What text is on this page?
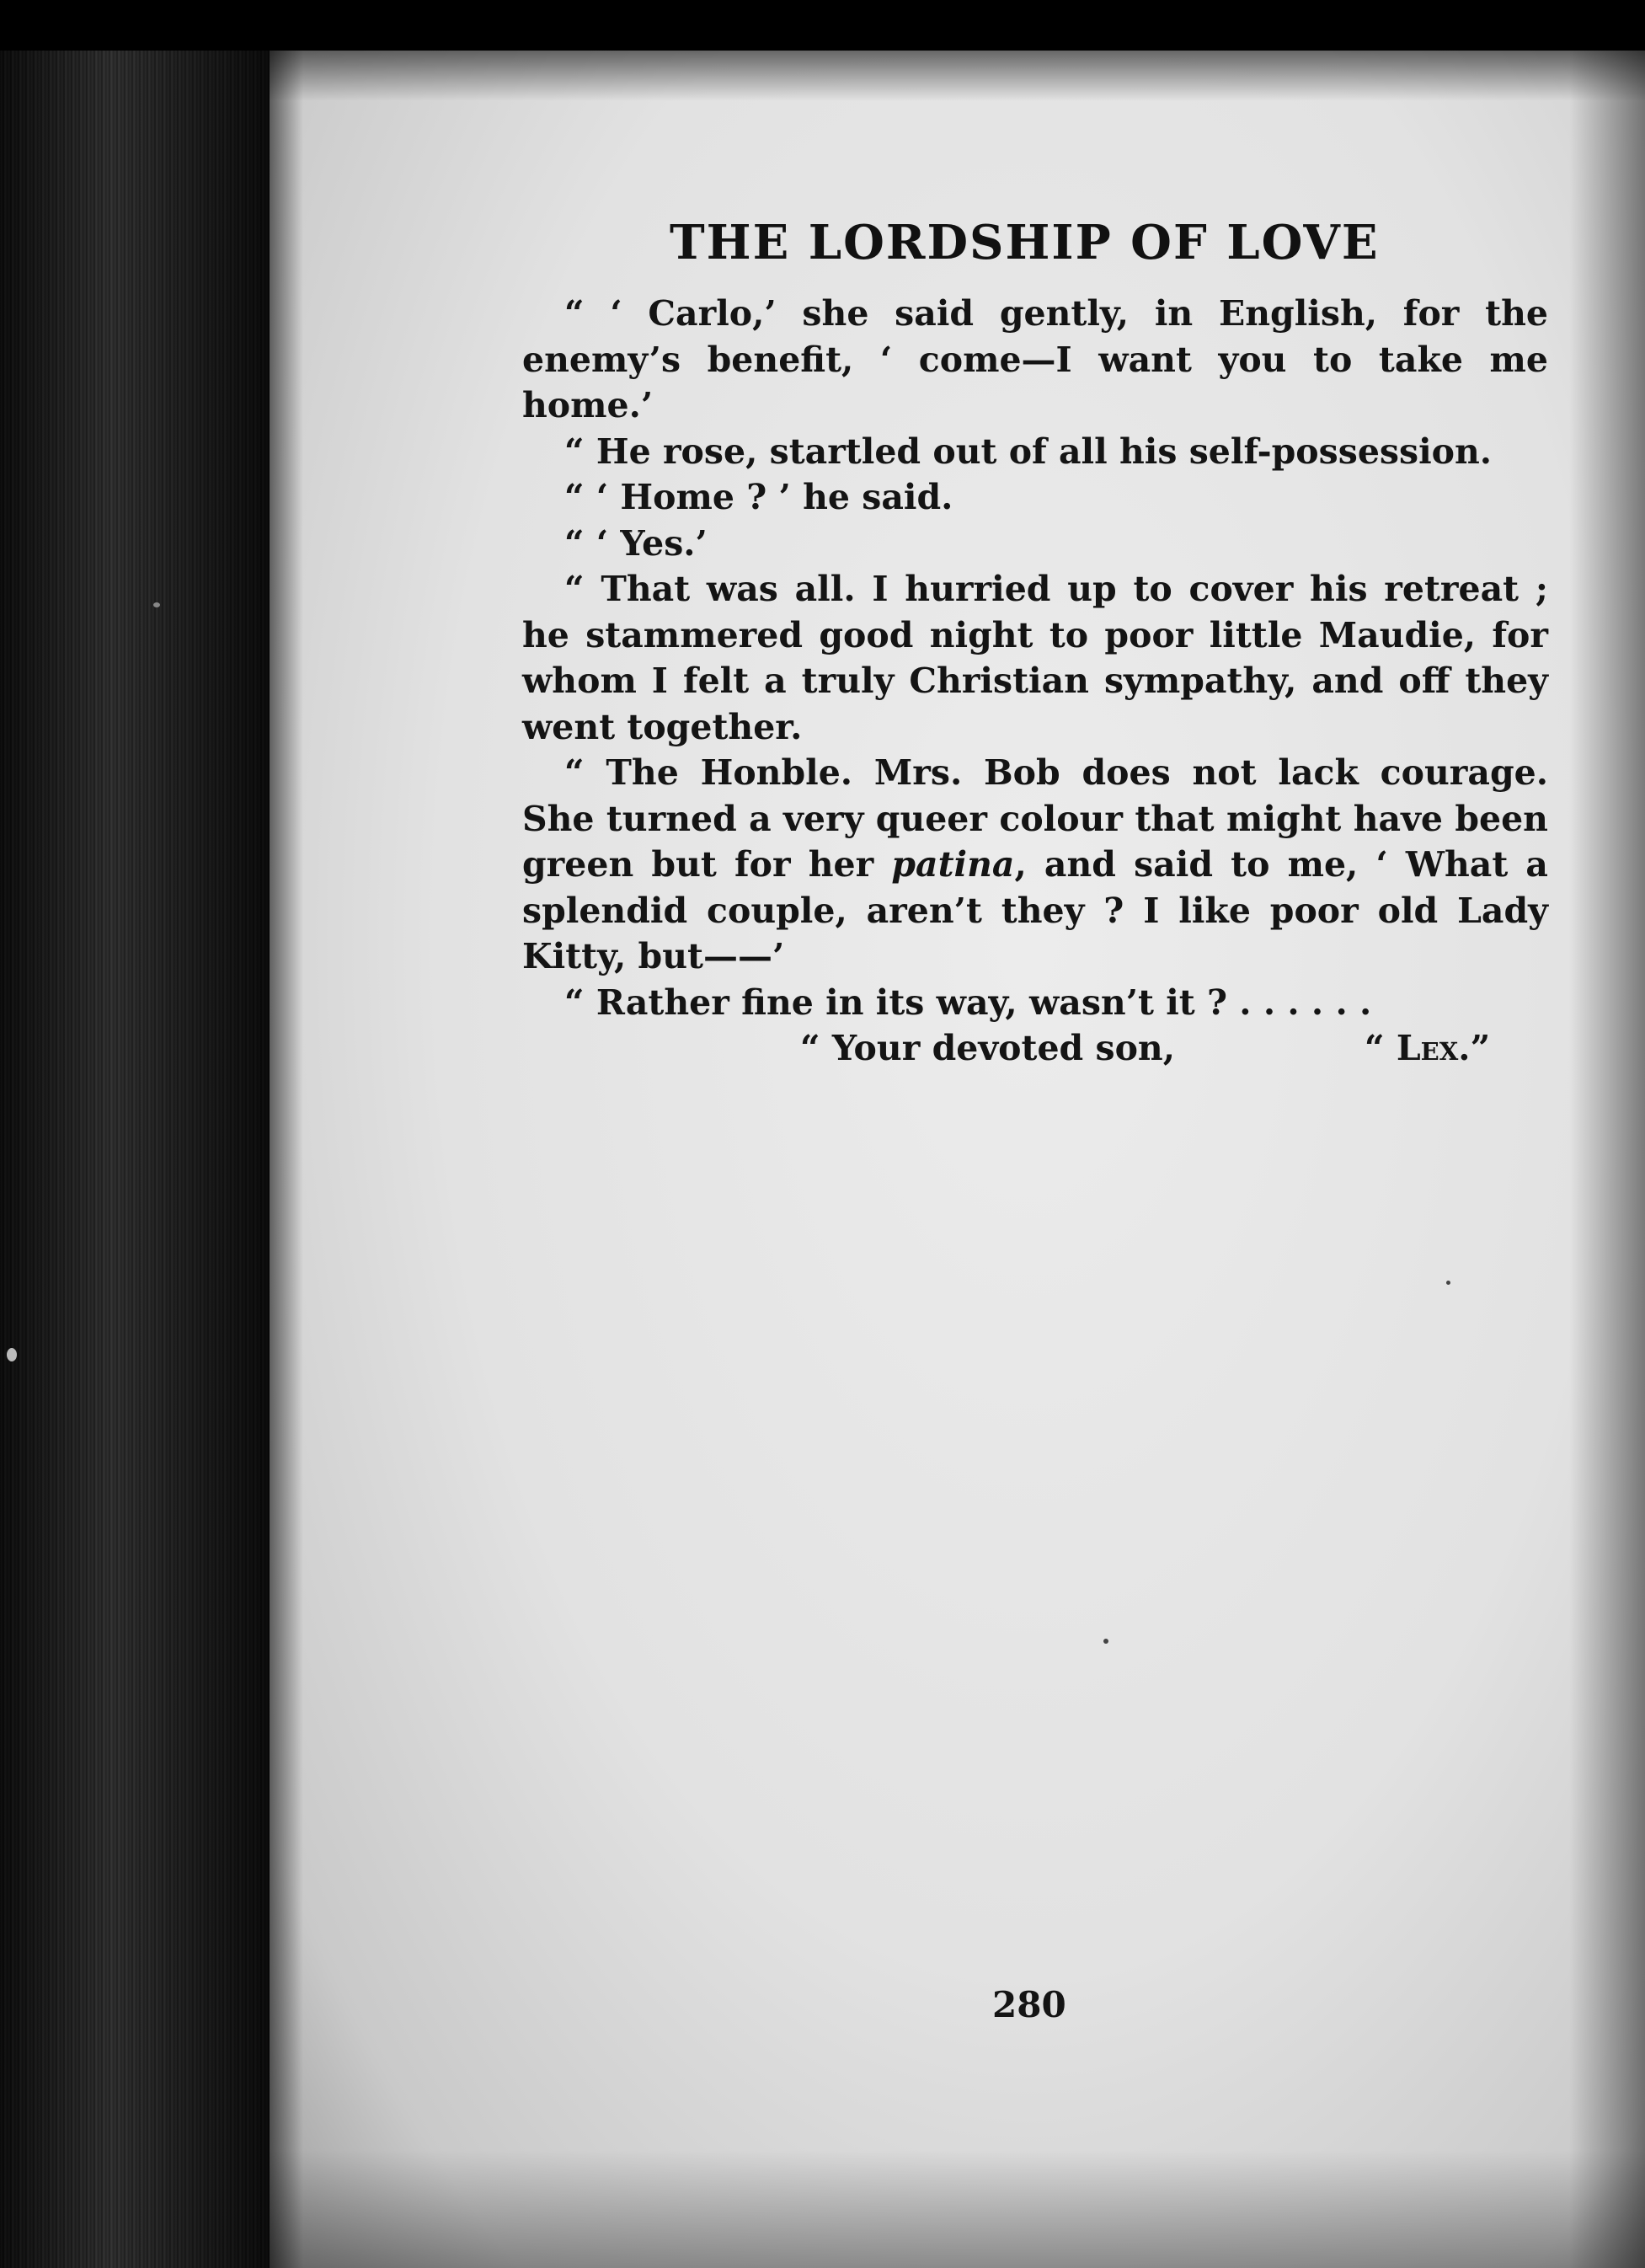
THE LORDSHIP OF LOVE

“ ‘ Carlo,’ she said gently, in English, for the enemy’s benefit, ‘ come—I want you to take me home.’

“ He rose, startled out of all his self-possession.

“ ‘ Home ? ’ he said.

“ ‘ Yes.’

“ That was all. I hurried up to cover his retreat ; he stammered good night to poor little Maudie, for whom I felt a truly Christian sympathy, and off they went together.

“ The Honble. Mrs. Bob does not lack courage. She turned a very queer colour that might have been green but for her patina, and said to me, ‘ What a splendid couple, aren’t they ? I like poor old Lady Kitty, but——’

“ Rather fine in its way, wasn’t it ? . . . . . .

“ Your devoted son,	“ Lex.”
280
